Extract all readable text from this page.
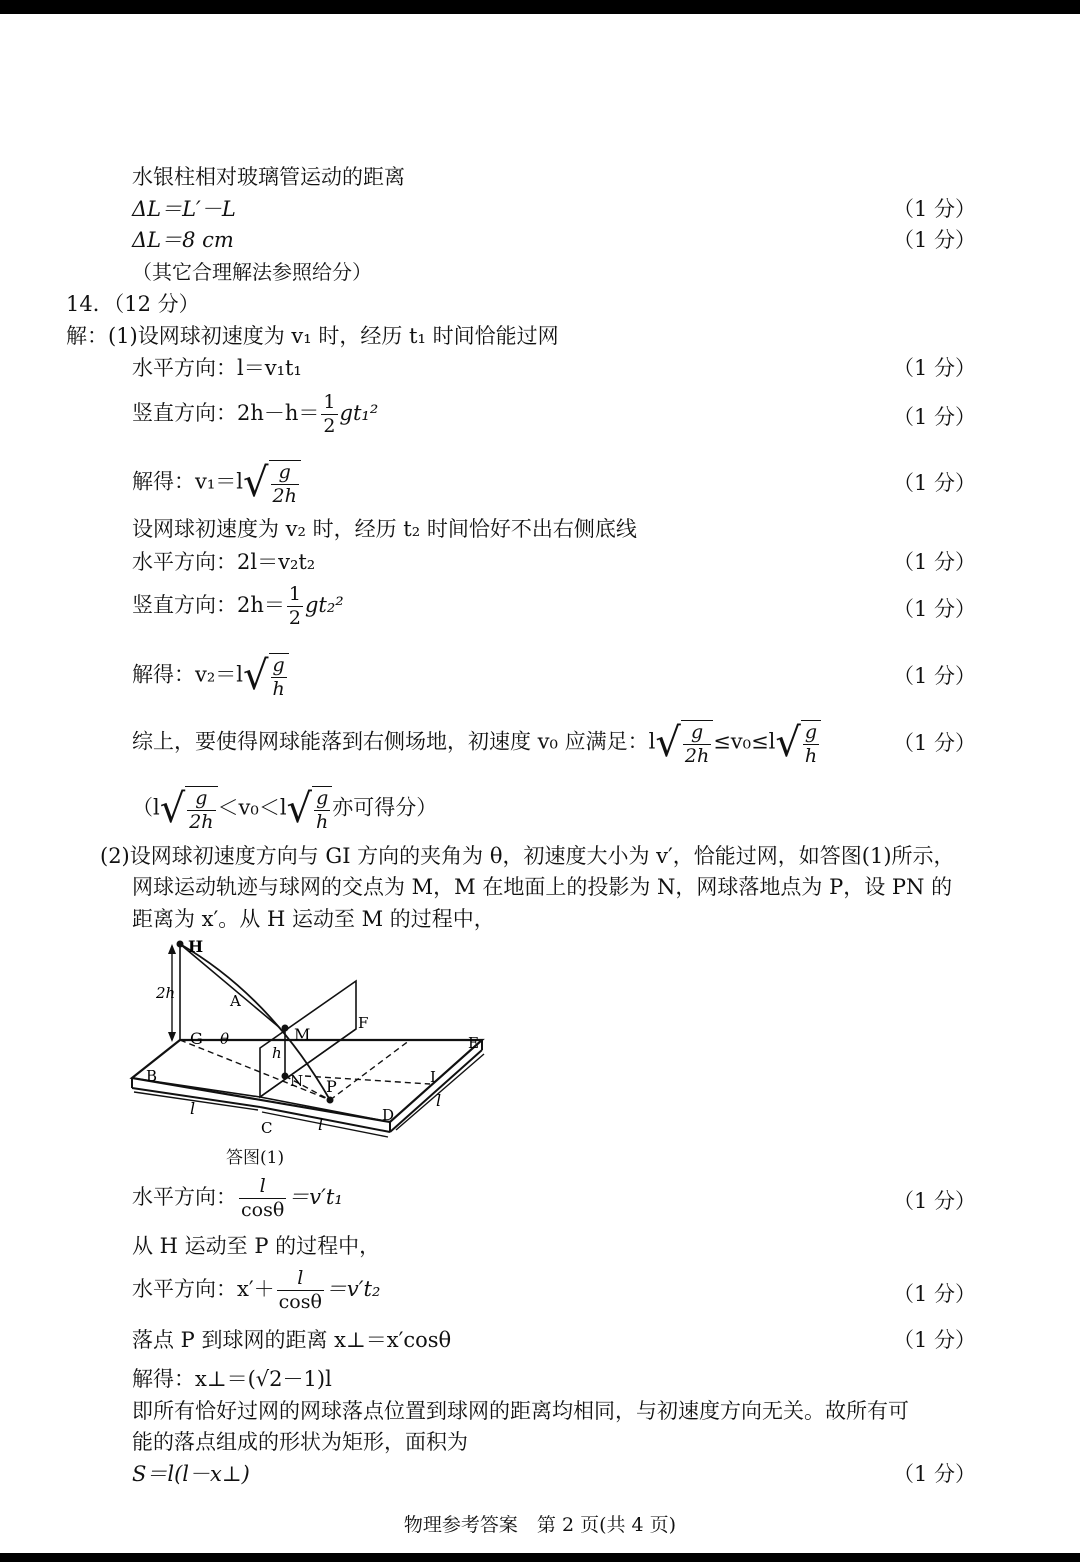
水银柱相对玻璃管运动的距离
ΔL＝L′－L	（1 分）
ΔL＝8 cm	（1 分）
（其它合理解法参照给分）
14．（12 分）
解：(1)设网球初速度为 v₁ 时，经历 t₁ 时间恰能过网
水平方向：l＝v₁t₁	（1 分）
竖直方向：$2h-h= \frac{1}{2} gt_1^2$	（1 分）
解得：$v_1=l√ \frac{g}{2h}$	（1 分）
设网球初速度为 v₂ 时，经历 t₂ 时间恰好不出右侧底线
水平方向：2l＝v₂t₂	（1 分）
竖直方向：$2h= \frac{1}{2} gt_2^2$	（1 分）
解得：$v_2=l√ \frac{g}{h}$	（1 分）
综上，要使得网球能落到右侧场地，初速度 v₀ 应满足：$l√ \frac{g}{2h} \le v_0\le l√ \frac{g}{h}$	（1 分）
（$l√ \frac{g}{2h} <v_0<l√ \frac{g}{h}$ 亦可得分）
(2)设网球初速度方向与 GI 方向的夹角为 θ，初速度大小为 v′，恰能过网，如答图(1)所示，
网球运动轨迹与球网的交点为 M，M 在地面上的投影为 N，网球落地点为 P，设 PN 的
距离为 x′。从 H 运动至 M 的过程中，
H
2h	A
M
F
E
G θ
h
N P	I
B
C
D
l
l
l
答图(1)
水平方向： $\frac{l}{\cos\theta} =v't_1$	（1 分）
从 H 运动至 P 的过程中，
水平方向：$x'+ \frac{l}{\cos\theta} =v't_2$	（1 分）
落点 P 到球网的距离 x⊥＝x′cosθ	（1 分）
解得：x⊥＝(√2－1)l
即所有恰好过网的网球落点位置到球网的距离均相同，与初速度方向无关。故所有可
能的落点组成的形状为矩形，面积为
S＝l(l－x⊥)	（1 分）
物理参考答案　第 2 页(共 4 页)
